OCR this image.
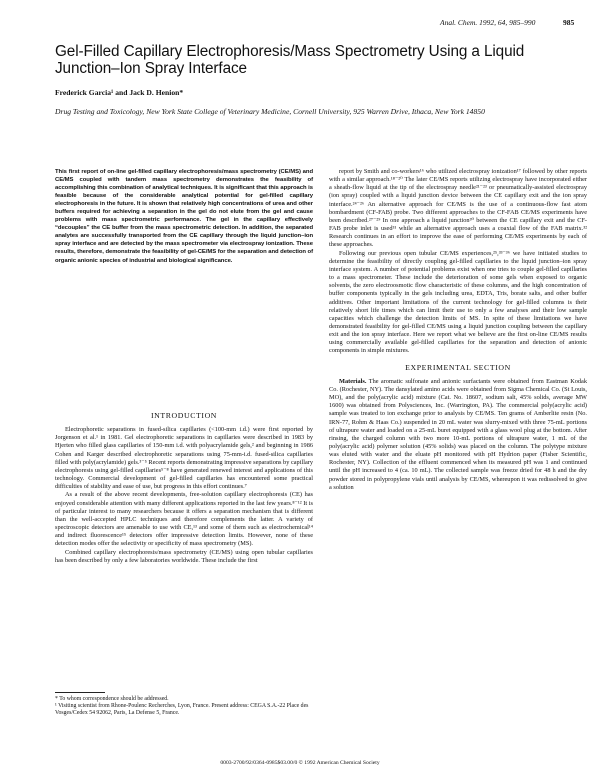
Anal. Chem. 1992, 64, 985–990	985
Gel-Filled Capillary Electrophoresis/Mass Spectrometry Using a Liquid Junction–Ion Spray Interface
Frederick Garcia¹ and Jack D. Henion*
Drug Testing and Toxicology, New York State College of Veterinary Medicine, Cornell University, 925 Warren Drive, Ithaca, New York 14850
This first report of on-line gel-filled capillary electrophoresis/mass spectrometry (CE/MS) and CE/MS coupled with tandem mass spectrometry demonstrates the feasibility of accomplishing this combination of analytical techniques. It is significant that this approach is feasible because of the considerable analytical potential for gel-filled capillary electrophoresis in the future. It is shown that relatively high concentrations of urea and other buffers required for achieving a separation in the gel do not elute from the gel and cause problems with mass spectrometric performance. The gel in the capillary effectively “decouples” the CE buffer from the mass spectrometric detection. In addition, the separated analytes are successfully transported from the CE capillary through the liquid junction–ion spray interface and are detected by the mass spectrometer via electrospray ionization. These results, therefore, demonstrate the feasibility of gel-CE/MS for the separation and detection of organic anionic species of industrial and biological significance.
INTRODUCTION

Electrophoretic separations in fused-silica capillaries (<100-mm i.d.) were first reported by Jorgenson et al.¹ in 1981. Gel electrophoretic separations in capillaries were described in 1983 by Hjerten who filled glass capillaries of 150-mm i.d. with polyacrylamide gels,² and beginning in 1986 Cohen and Karger described electrophoretic separations using 75-mm-i.d. fused-silica capillaries filled with poly(acrylamide) gels.³⁻⁵ Recent reports demonstrating impressive separations by capillary electrophoresis using gel-filled capillaries⁵⁻⁸ have generated renewed interest and applications of this technology. Commercial development of gel-filled capillaries has encountered some practical difficulties of stability and ease of use, but progress in this effort continues.⁷

As a result of the above recent developments, free-solution capillary electrophoresis (CE) has enjoyed considerable attention with many different applications reported in the last few years.⁸⁻¹² It is of particular interest to many researchers because it offers a separation mechanism that is different than the well-accepted HPLC techniques and therefore complements the latter. A variety of spectroscopic detectors are amenable to use with CE,¹³ and some of them such as electrochemical¹⁴ and indirect fluorescence¹⁵ detectors offer impressive detection limits. However, none of these detection modes offer the selectivity or specificity of mass spectrometry (MS).

Combined capillary electrophoresis/mass spectrometry (CE/MS) using open tubular capillaries has been described by only a few laboratories worldwide. These include the first

* To whom correspondence should be addressed.

¹ Visiting scientist from Rhone-Poulenc Recherches, Lyon, France. Present address: CEGA S.A.-22 Place des Vosges/Cedex 54 92062, Paris, La Defense 5, France.

report by Smith and co-workers¹⁶ who utilized electrospray ionization¹⁷ followed by other reports with a similar approach.¹⁸⁻²⁰ The later CE/MS reports utilizing electrospray have incorporated either a sheath-flow liquid at the tip of the electrospray needle²¹⁻²³ or pneumatically-assisted electrospray (ion spray) coupled with a liquid junction device between the CE capillary exit and the ion spray interface.²⁴⁻²⁶ An alternative approach for CE/MS is the use of a continuous-flow fast atom bombardment (CF-FAB) probe. Two different approaches to the CF-FAB CE/MS experiments have been described.²⁷⁻²⁹ In one approach a liquid junction³⁰ between the CE capillary exit and the CF-FAB probe inlet is used³¹ while an alternative approach uses a coaxial flow of the FAB matrix.³² Research continues in an effort to improve the ease of performing CE/MS experiments by each of these approaches.

Following our previous open tubular CE/MS experiences,²⁵,³³⁻³⁶ we have initiated studies to determine the feasibility of directly coupling gel-filled capillaries to the liquid junction–ion spray interface system. A number of potential problems exist when one tries to couple gel-filled capillaries to a mass spectrometer. These include the deterioration of some gels when exposed to organic solvents, the zero electroosmotic flow characteristic of these columns, and the high concentration of buffer components typically in the gels including urea, EDTA, Tris, borate salts, and other buffer additives. Other important limitations of the current technology for gel-filled columns is their relatively short life times which can limit their use to only a few analyses and their low sample capacities which challenge the detection limits of MS. In spite of these limitations we have demonstrated feasibility for gel-filled CE/MS using a liquid junction coupling between the capillary exit and the ion spray interface. Here we report what we believe are the first on-line CE/MS results using commercially available gel-filled capillaries for the separation and detection of anionic components in simple mixtures.

EXPERIMENTAL SECTION

Materials. The aromatic sulfonate and anionic surfactants were obtained from Eastman Kodak Co. (Rochester, NY). The dansylated amino acids were obtained from Sigma Chemical Co. (St Louis, MO), and the poly(acrylic acid) mixture (Cat. No. 18607, sodium salt, 45% solids, average MW 1600) was obtained from Polysciences, Inc. (Warrington, PA). The commercial poly(acrylic acid) sample was treated to ion exchange prior to analysis by CE/MS. Ten grams of Amberlite resin (No. IRN-77, Rohm & Haas Co.) suspended in 20 mL water was slurry-mixed with three 75-mL portions of ultrapure water and loaded on a 25-mL buret equipped with a glass wool plug at the bottom. After rinsing, the charged column with two more 10-mL portions of ultrapure water, 1 mL of the poly(acrylic acid) polymer solution (45% solids) was placed on the column. The polytype mixture was eluted with water and the eluate pH monitored with pH Hydrion paper (Fisher Scientific, Rochester, NY). Collection of the effluent commenced when its measured pH was 1 and continued until the pH increased to 4 (ca. 10 mL). The collected sample was freeze dried for 48 h and the dry powder stored in polypropylene vials until analysis by CE/MS, whereupon it was redissolved to give a solution

0003-2700/92/0364-0985$03.00/0 © 1992 American Chemical Society
